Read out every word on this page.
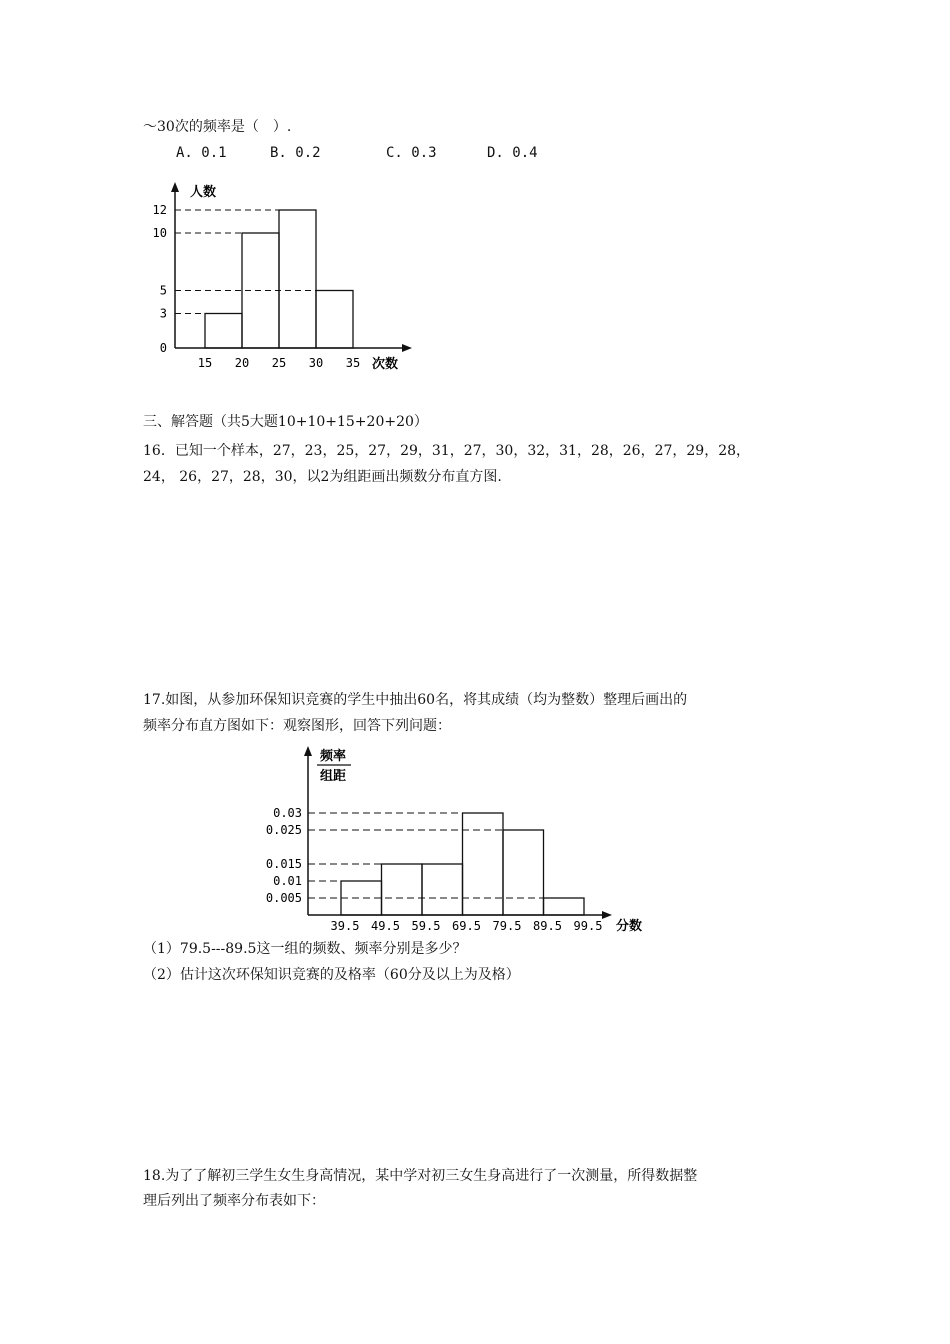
～30次的频率是（　）.
A. 0.1	B. 0.2	C. 0.3	D. 0.4
人数
次数
0
3
5
10
12
15 20 25 30 35
三、解答题（共5大题10+10+15+20+20）
16．已知一个样本，27，23，25，27，29，31，27，30，32，31，28，26，27，29，28，
24， 26，27，28，30，以2为组距画出频数分布直方图.
17.如图，从参加环保知识竞赛的学生中抽出60名，将其成绩（均为整数）整理后画出的
频率分布直方图如下：观察图形，回答下列问题：
频率
组距
分数
0.005
0.01
0.015
0.025
0.03
39.5 49.5 59.5 69.5 79.5 89.5 99.5
（1）79.5---89.5这一组的频数、频率分别是多少？
（2）估计这次环保知识竞赛的及格率（60分及以上为及格）
18.为了了解初三学生女生身高情况，某中学对初三女生身高进行了一次测量，所得数据整
理后列出了频率分布表如下：
